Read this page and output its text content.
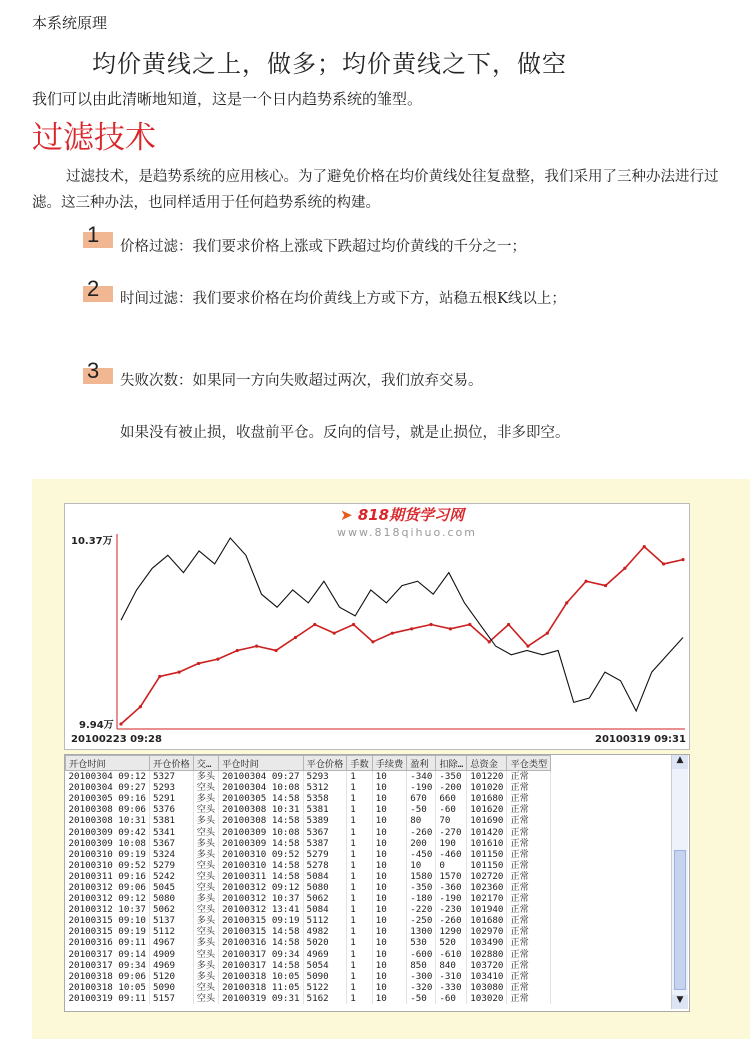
本系统原理
均价黄线之上，做多；均价黄线之下，做空
我们可以由此清晰地知道，这是一个日内趋势系统的雏型。
过滤技术
过滤技术，是趋势系统的应用核心。为了避免价格在均价黄线处往复盘整，我们采用了三种办法进行过滤。这三种办法，也同样适用于任何趋势系统的构建。
1 价格过滤：我们要求价格上涨或下跌超过均价黄线的千分之一；
2 时间过滤：我们要求价格在均价黄线上方或下方，站稳五根K线以上；
3 失败次数：如果同一方向失败超过两次，我们放弃交易。
如果没有被止损，收盘前平仓。反向的信号，就是止损位，非多即空。
10.37万
9.94万
20100223 09:28	20100319 09:31
➤ 818期货学习网
www.818qihuo.com
开仓时间	开仓价格	交…	平仓时间	平仓价格	手数	手续费	盈利	扣除…	总资金	平仓类型
20100304 09:12	5327	多头	20100304 09:27	5293	1	10	-340	-350	101220	正常
20100304 09:27	5293	空头	20100304 10:08	5312	1	10	-190	-200	101020	正常
20100305 09:16	5291	多头	20100305 14:58	5358	1	10	670	660	101680	正常
20100308 09:06	5376	空头	20100308 10:31	5381	1	10	-50	-60	101620	正常
20100308 10:31	5381	多头	20100308 14:58	5389	1	10	80	70	101690	正常
20100309 09:42	5341	空头	20100309 10:08	5367	1	10	-260	-270	101420	正常
20100309 10:08	5367	多头	20100309 14:58	5387	1	10	200	190	101610	正常
20100310 09:19	5324	多头	20100310 09:52	5279	1	10	-450	-460	101150	正常
20100310 09:52	5279	空头	20100310 14:58	5278	1	10	10	0	101150	正常
20100311 09:16	5242	空头	20100311 14:58	5084	1	10	1580	1570	102720	正常
20100312 09:06	5045	空头	20100312 09:12	5080	1	10	-350	-360	102360	正常
20100312 09:12	5080	多头	20100312 10:37	5062	1	10	-180	-190	102170	正常
20100312 10:37	5062	空头	20100312 13:41	5084	1	10	-220	-230	101940	正常
20100315 09:10	5137	多头	20100315 09:19	5112	1	10	-250	-260	101680	正常
20100315 09:19	5112	空头	20100315 14:58	4982	1	10	1300	1290	102970	正常
20100316 09:11	4967	多头	20100316 14:58	5020	1	10	530	520	103490	正常
20100317 09:14	4909	空头	20100317 09:34	4969	1	10	-600	-610	102880	正常
20100317 09:34	4969	多头	20100317 14:58	5054	1	10	850	840	103720	正常
20100318 09:06	5120	多头	20100318 10:05	5090	1	10	-300	-310	103410	正常
20100318 10:05	5090	空头	20100318 11:05	5122	1	10	-320	-330	103080	正常
20100319 09:11	5157	空头	20100319 09:31	5162	1	10	-50	-60	103020	正常
▲
▼
